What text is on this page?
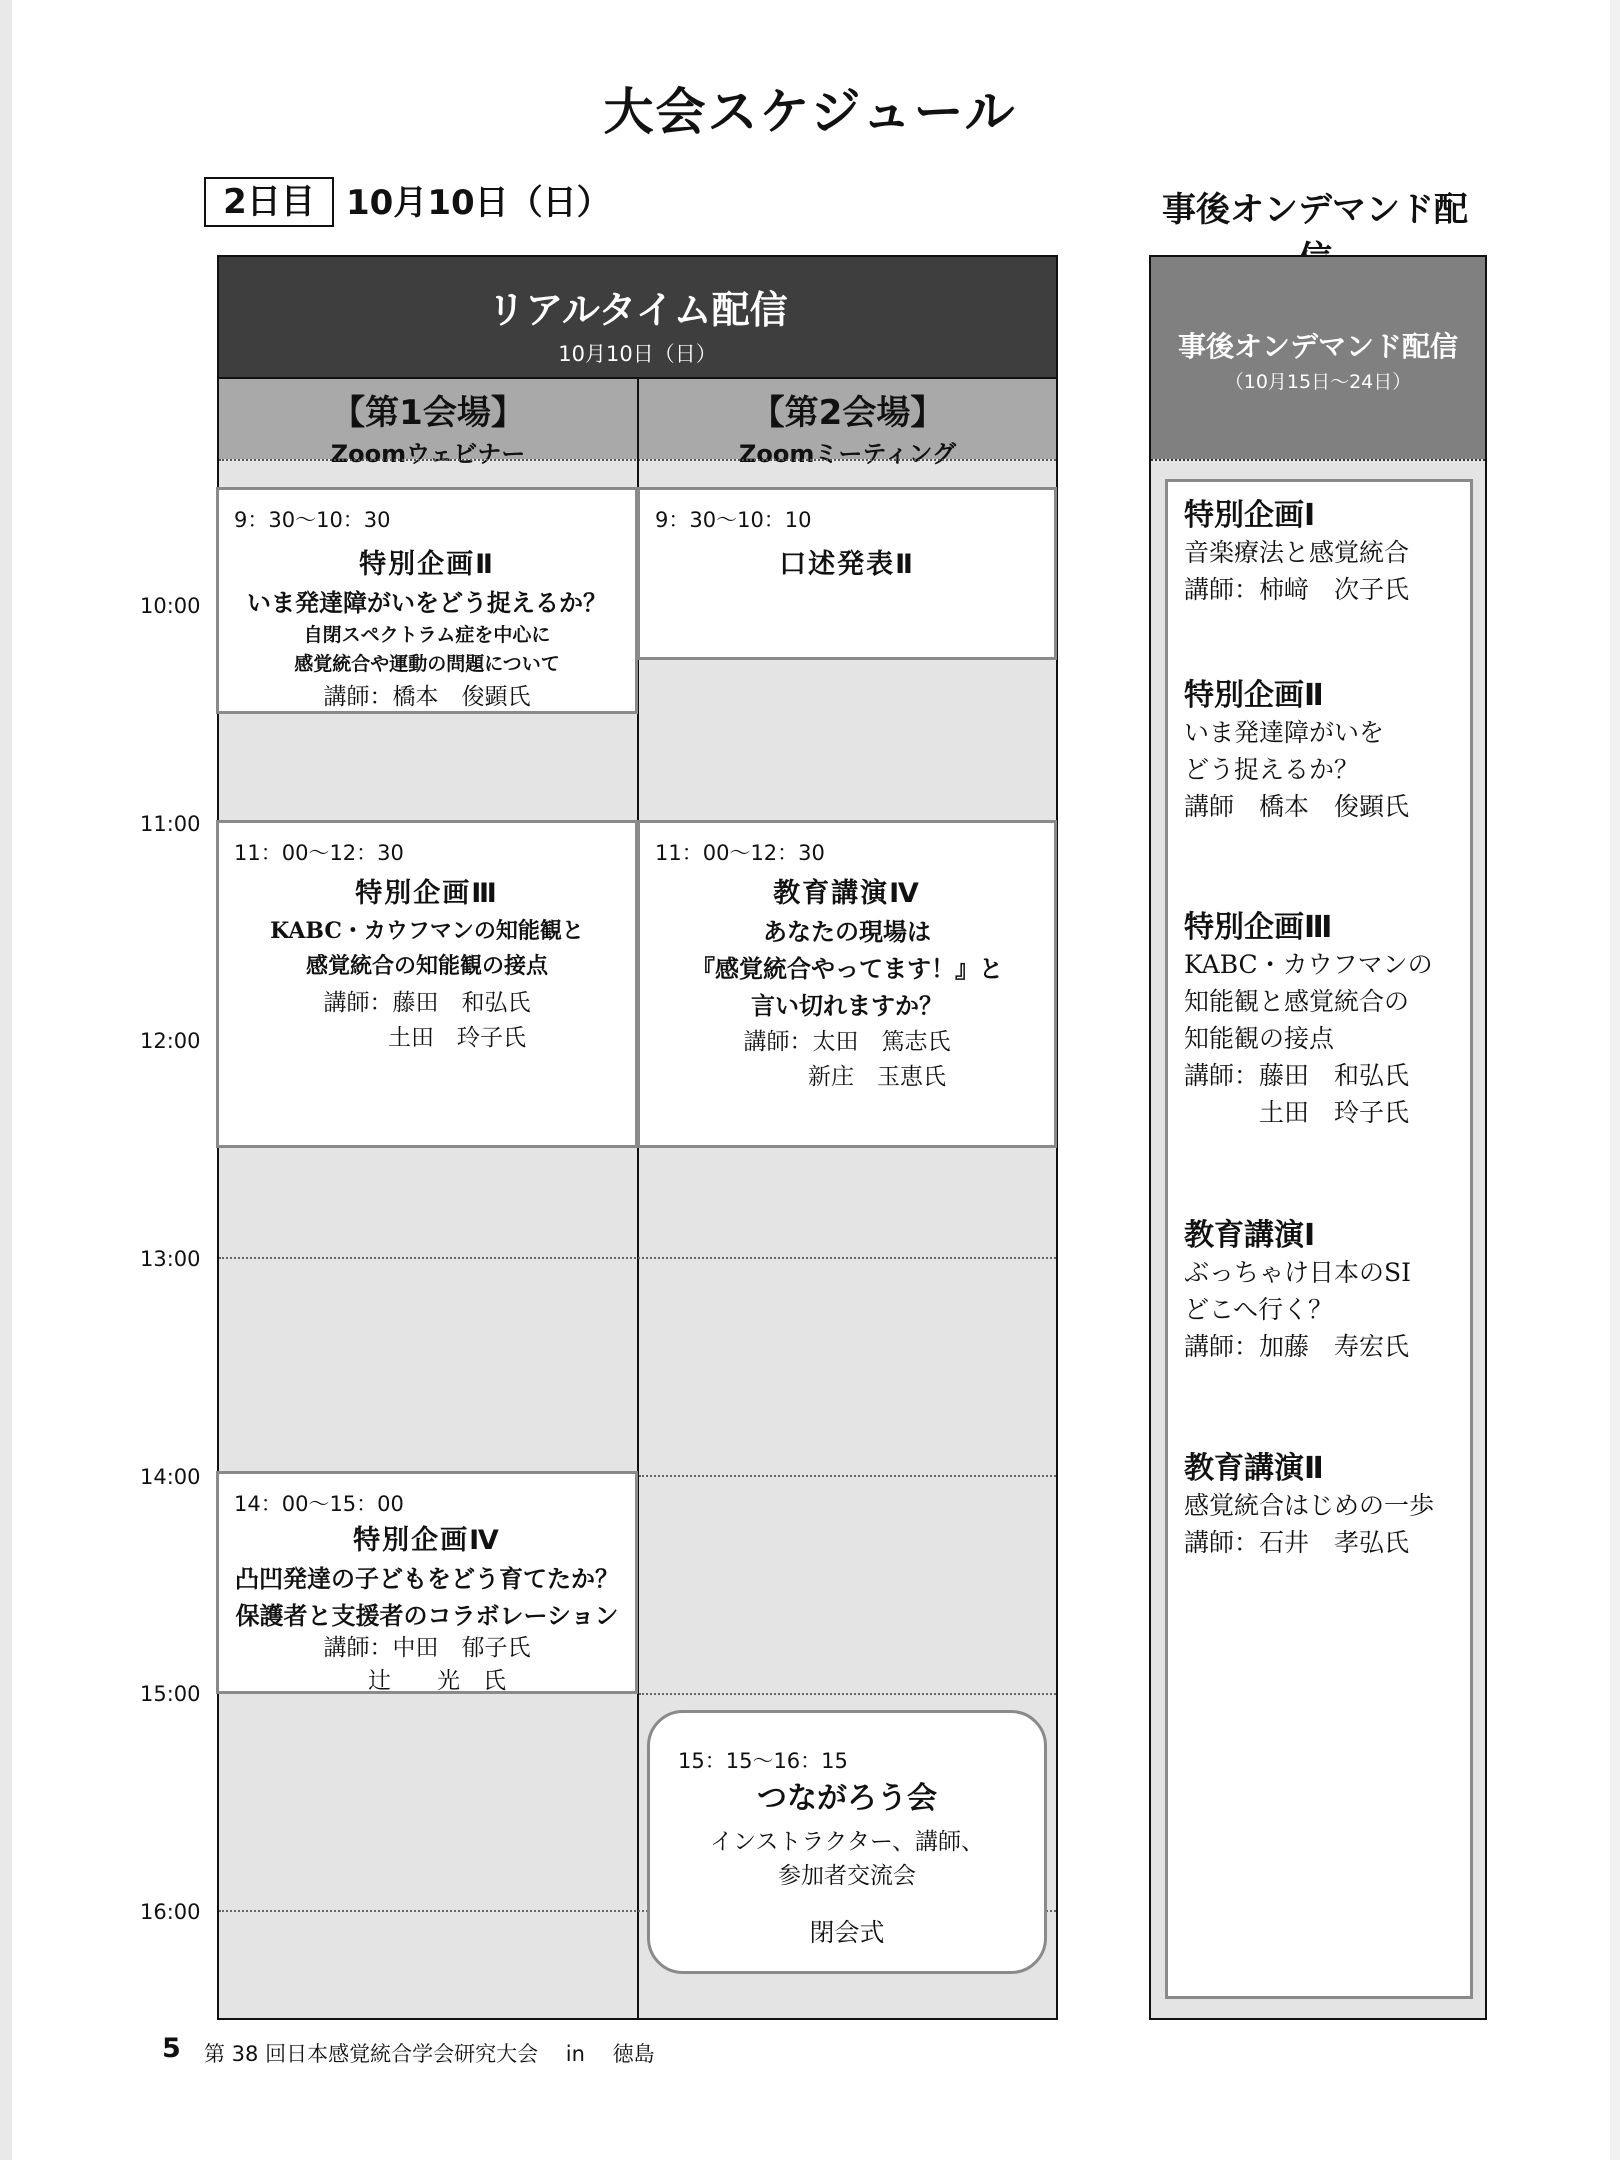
大会スケジュール
2日目 10月10日（日）	事後オンデマンド配
リアルタイム配信
10月10日（日）
【第1会場】
Zoomウェビナー
【第2会場】
Zoomミーティング
10:00
11:00
12:00
13:00
14:00
15:00
16:00
9：30〜10：30
特別企画Ⅱ
いま発達障がいをどう捉えるか？
自閉スペクトラム症を中心に
感覚統合や運動の問題について
講師：橋本　俊顕氏
9：30〜10：10
口述発表Ⅱ
11：00〜12：30
特別企画Ⅲ
KABC・カウフマンの知能観と
感覚統合の知能観の接点
講師：藤田　和弘氏
土田　玲子氏
11：00〜12：30
教育講演Ⅳ
あなたの現場は
『感覚統合やってます！』と
言い切れますか？
講師：太田　篤志氏
新庄　玉恵氏
14：00〜15：00
特別企画Ⅳ
凸凹発達の子どもをどう育てたか？
保護者と支援者のコラボレーション
講師：中田　郁子氏
辻　　光　氏
15：15〜16：15
つながろう会
インストラクター、講師、
参加者交流会
閉会式
事後オンデマンド配信
（10月15日〜24日）
特別企画Ⅰ
音楽療法と感覚統合
講師：柿﨑　次子氏
特別企画Ⅱ
いま発達障がいを
どう捉えるか？
講師　橋本　俊顕氏
特別企画Ⅲ
KABC・カウフマンの
知能観と感覚統合の
知能観の接点
講師：藤田　和弘氏
　　　土田　玲子氏
教育講演Ⅰ
ぶっちゃけ日本のSI
どこへ行く？
講師：加藤　寿宏氏
教育講演Ⅱ
感覚統合はじめの一歩
講師：石井　孝弘氏
5 第 38 回日本感覚統合学会研究大会　 in　 徳島
